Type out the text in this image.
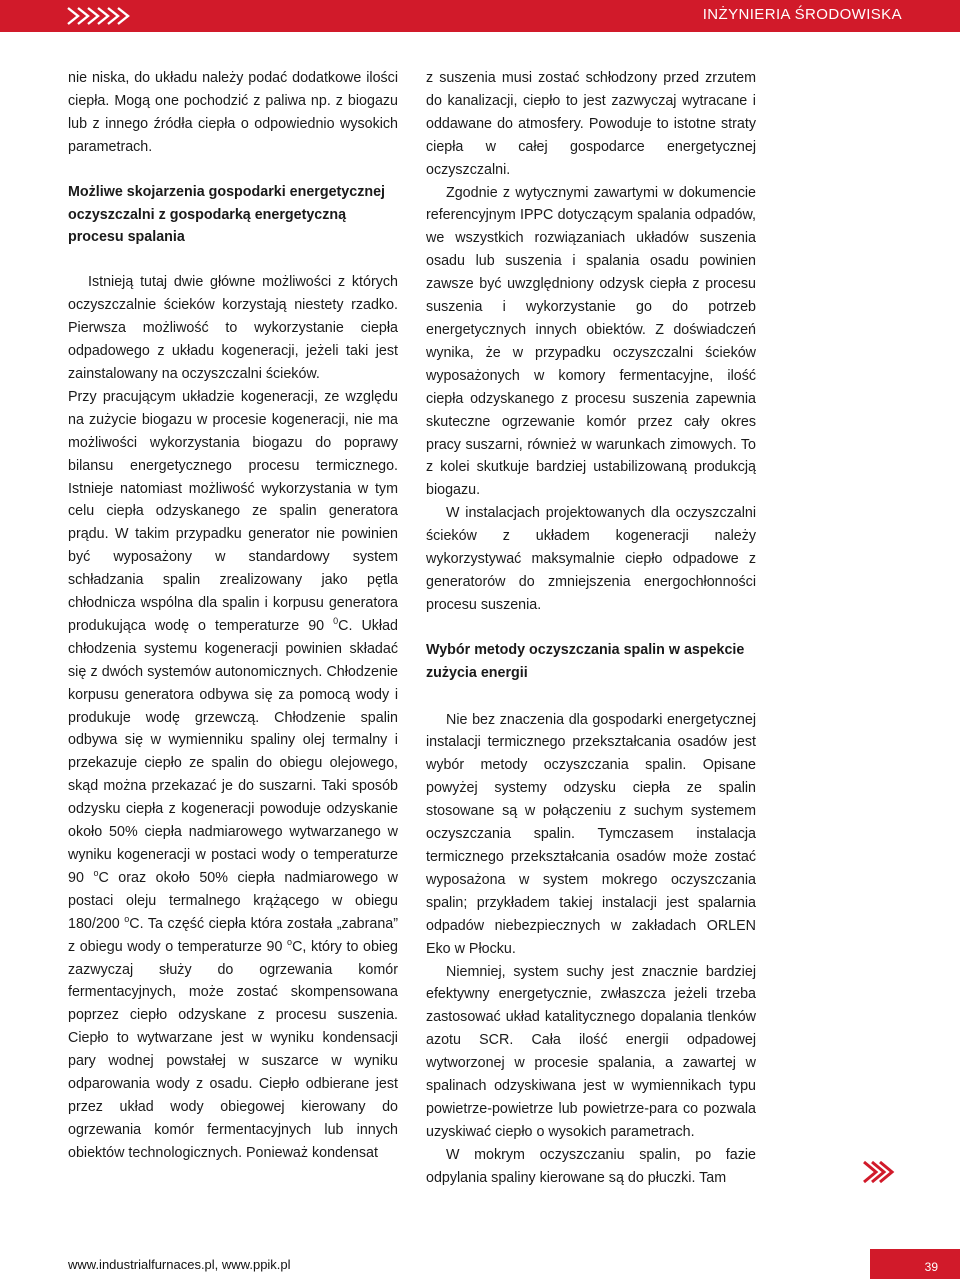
INŻYNIERIA ŚRODOWISKA

nie niska, do układu należy podać dodatkowe ilości ciepła. Mogą one pochodzić z paliwa np. z biogazu lub z innego źródła ciepła o odpowiednio wysokich parametrach.

Możliwe skojarzenia gospodarki energetycznej oczyszczalni z gospodarką energetyczną procesu spalania

Istnieją tutaj dwie główne możliwości z których oczyszczalnie ścieków korzystają niestety rzadko. Pierwsza możliwość to wykorzystanie ciepła odpadowego z układu kogeneracji, jeżeli taki jest zainstalowany na oczyszczalni ścieków.

Przy pracującym układzie kogeneracji, ze względu na zużycie biogazu w procesie kogeneracji, nie ma możliwości wykorzystania biogazu do poprawy bilansu energetycznego procesu termicznego. Istnieje natomiast możliwość wykorzystania w tym celu ciepła odzyskanego ze spalin generatora prądu. W takim przypadku generator nie powinien być wyposażony w standardowy system schładzania spalin zrealizowany jako pętla chłodnicza wspólna dla spalin i korpusu generatora produkująca wodę o temperaturze 90 $^0$C. Układ chłodzenia systemu kogeneracji powinien składać się z dwóch systemów autonomicznych. Chłodzenie korpusu generatora odbywa się za pomocą wody i produkuje wodę grzewczą. Chłodzenie spalin odbywa się w wymienniku spaliny olej termalny i przekazuje ciepło ze spalin do obiegu olejowego, skąd można przekazać je do suszarni. Taki sposób odzysku ciepła z kogeneracji powoduje odzyskanie około 50% ciepła nadmiarowego wytwarzanego w wyniku kogeneracji w postaci wody o temperaturze 90 $^o$C oraz około 50% ciepła nadmiarowego w postaci oleju termalnego krążącego w obiegu 180/200 $^o$C. Ta część ciepła która została „zabrana” z obiegu wody o temperaturze 90 $^o$C, który to obieg zazwyczaj służy do ogrzewania komór fermentacyjnych, może zostać skompensowana poprzez ciepło odzyskane z procesu suszenia. Ciepło to wytwarzane jest w wyniku kondensacji pary wodnej powstałej w suszarce w wyniku odparowania wody z osadu. Ciepło odbierane jest przez układ wody obiegowej kierowany do ogrzewania komór fermentacyjnych lub innych obiektów technologicznych. Ponieważ kondensat

z suszenia musi zostać schłodzony przed zrzutem do kanalizacji, ciepło to jest zazwyczaj wytracane i oddawane do atmosfery. Powoduje to istotne straty ciepła w całej gospodarce energetycznej oczyszczalni.

Zgodnie z wytycznymi zawartymi w dokumencie referencyjnym IPPC dotyczącym spalania odpadów, we wszystkich rozwiązaniach układów suszenia osadu lub suszenia i spalania osadu powinien zawsze być uwzględniony odzysk ciepła z procesu suszenia i wykorzystanie go do potrzeb energetycznych innych obiektów. Z doświadczeń wynika, że w przypadku oczyszczalni ścieków wyposażonych w komory fermentacyjne, ilość ciepła odzyskanego z procesu suszenia zapewnia skuteczne ogrzewanie komór przez cały okres pracy suszarni, również w warunkach zimowych. To z kolei skutkuje bardziej ustabilizowaną produkcją biogazu.

W instalacjach projektowanych dla oczyszczalni ścieków z układem kogeneracji należy wykorzystywać maksymalnie ciepło odpadowe z generatorów do zmniejszenia energochłonności procesu suszenia.

Wybór metody oczyszczania spalin w aspekcie zużycia energii

Nie bez znaczenia dla gospodarki energetycznej instalacji termicznego przekształcania osadów jest wybór metody oczyszczania spalin. Opisane powyżej systemy odzysku ciepła ze spalin stosowane są w połączeniu z suchym systemem oczyszczania spalin. Tymczasem instalacja termicznego przekształcania osadów może zostać wyposażona w system mokrego oczyszczania spalin; przykładem takiej instalacji jest spalarnia odpadów niebezpiecznych w zakładach ORLEN Eko w Płocku.

Niemniej, system suchy jest znacznie bardziej efektywny energetycznie, zwłaszcza jeżeli trzeba zastosować układ katalitycznego dopalania tlenków azotu SCR. Cała ilość energii odpadowej wytworzonej w procesie spalania, a zawartej w spalinach odzyskiwana jest w wymiennikach typu powietrze-powietrze lub powietrze-para co pozwala uzyskiwać ciepło o wysokich parametrach.

W mokrym oczyszczaniu spalin, po fazie odpylania spaliny kierowane są do płuczki. Tam

www.industrialfurnaces.pl, www.ppik.pl	39
